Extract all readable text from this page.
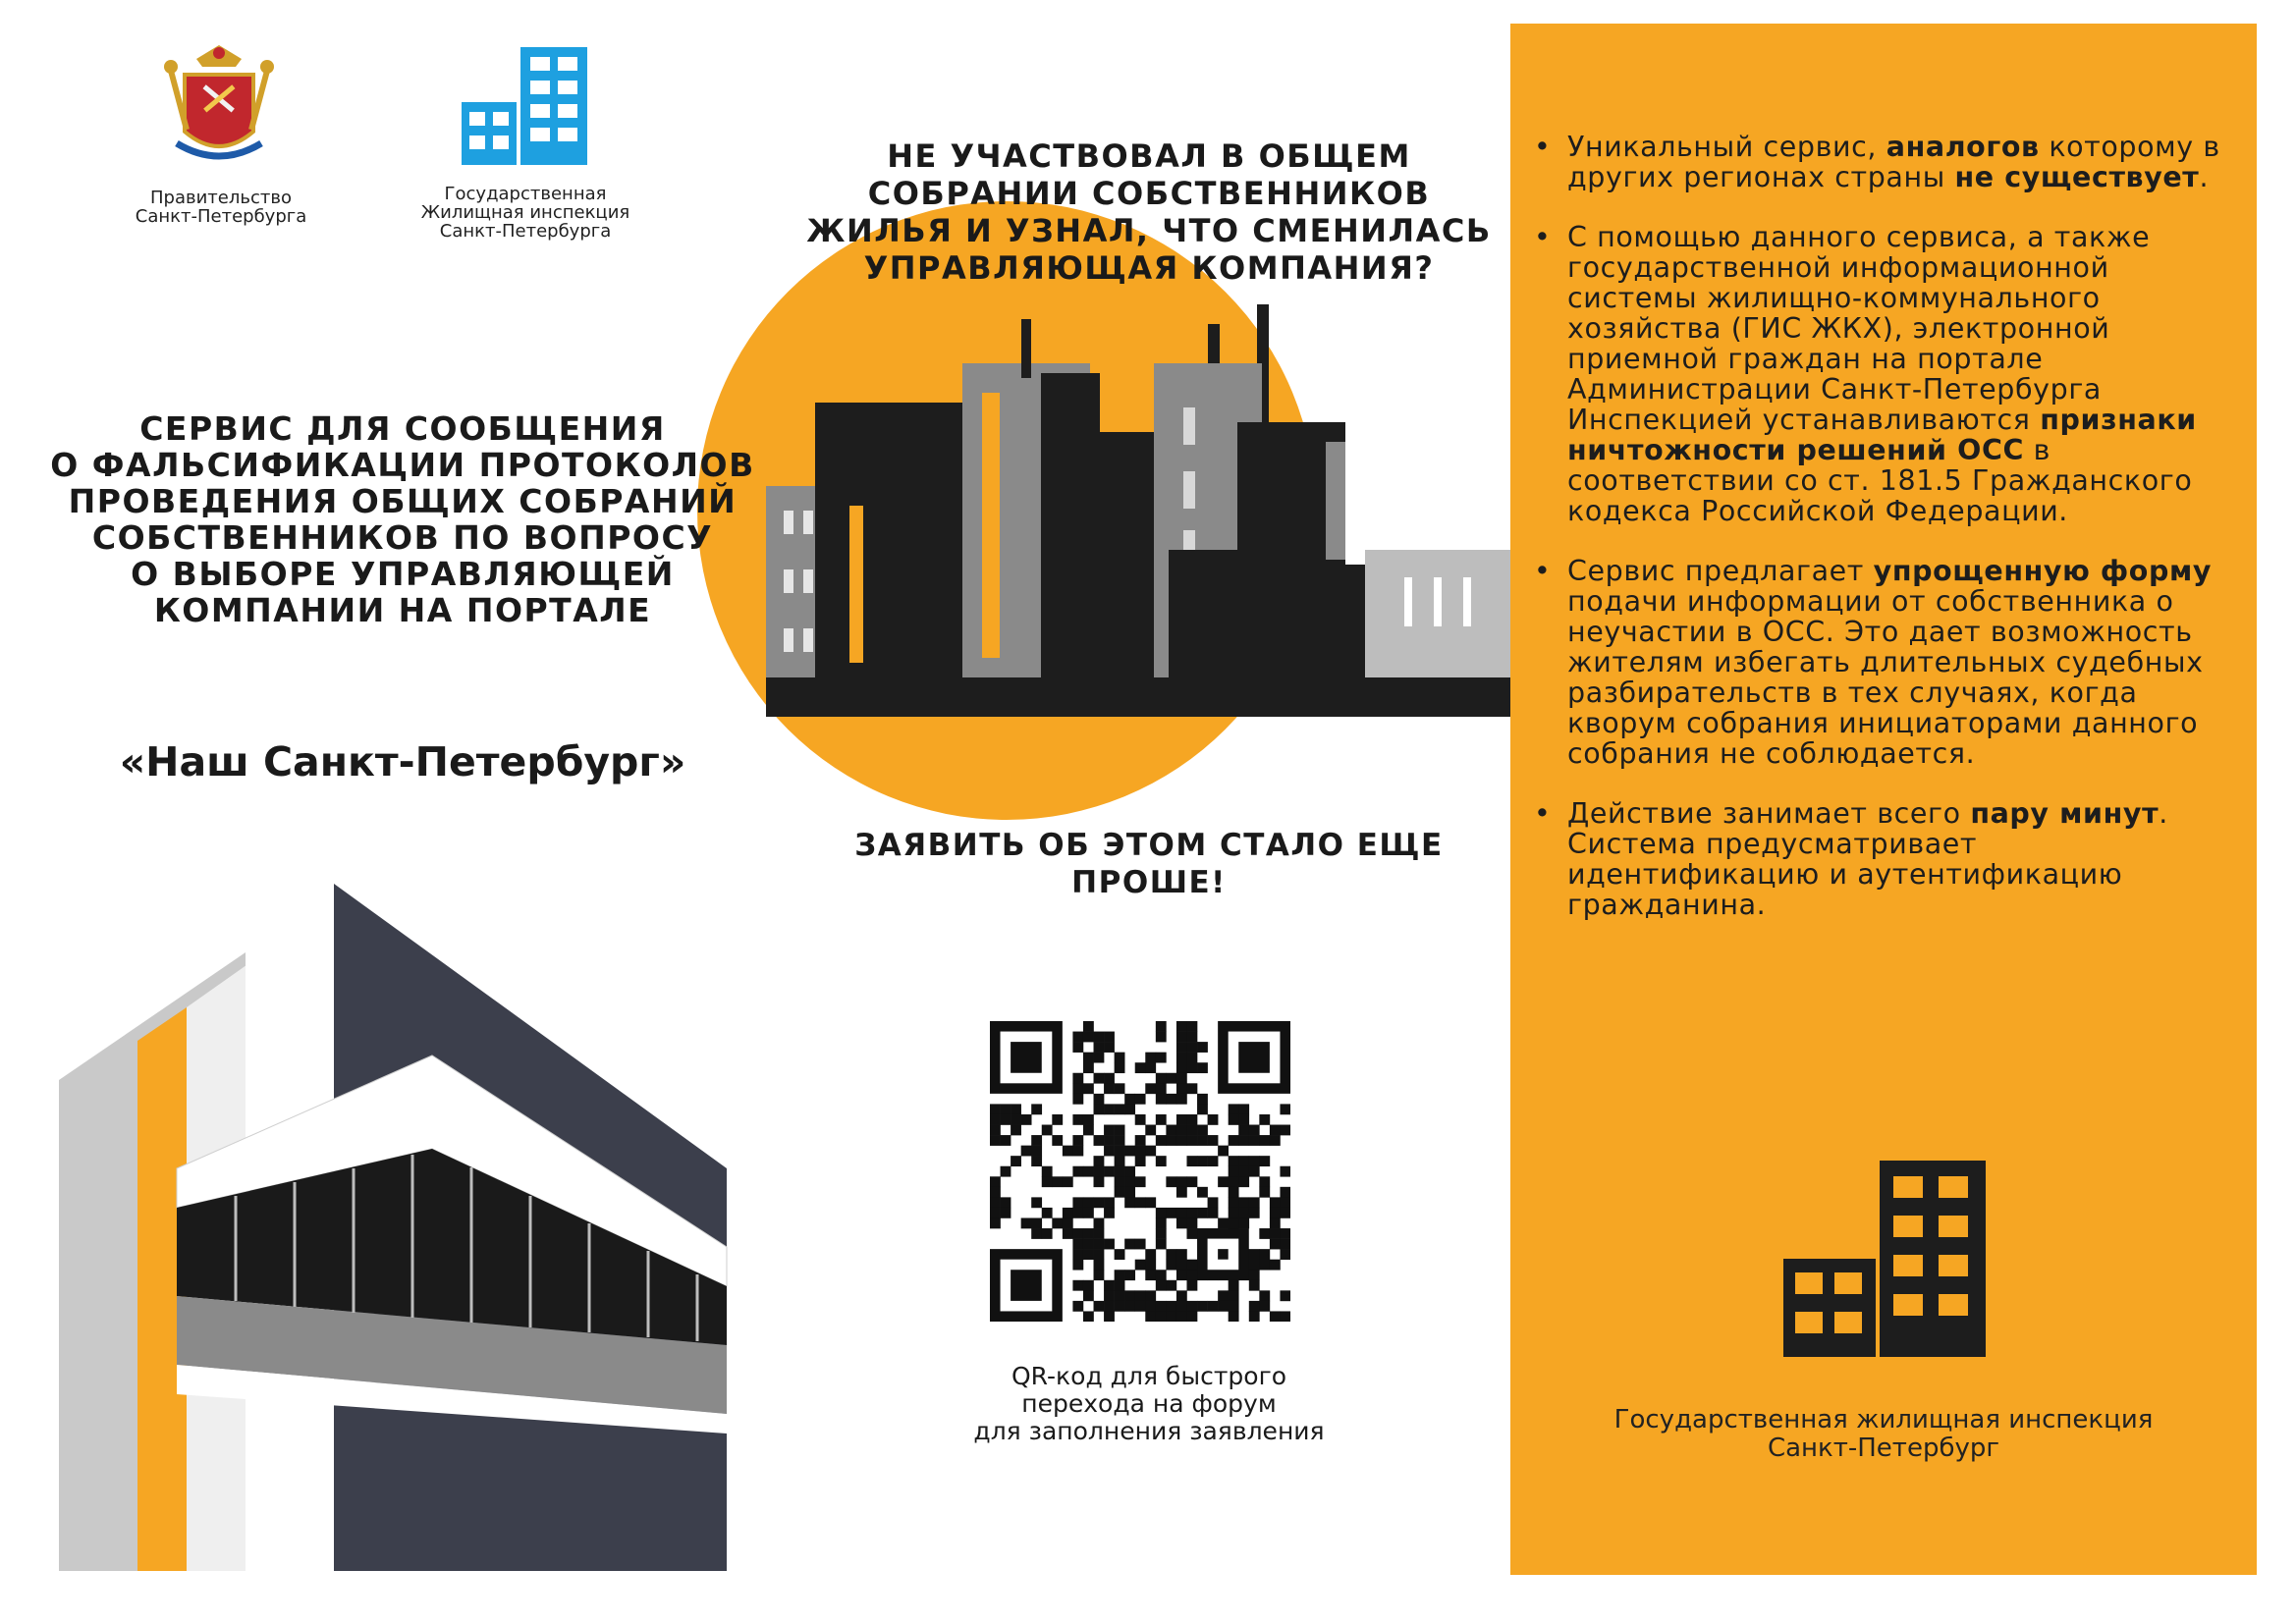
Правительство
Санкт-Петербурга
Государственная
Жилищная инспекция
Санкт-Петербурга
НЕ УЧАСТВОВАЛ В ОБЩЕМ
СОБРАНИИ СОБСТВЕННИКОВ
ЖИЛЬЯ И УЗНАЛ, ЧТО СМЕНИЛАСЬ
УПРАВЛЯЮЩАЯ КОМПАНИЯ?
СЕРВИС ДЛЯ СООБЩЕНИЯ
О ФАЛЬСИФИКАЦИИ ПРОТОКОЛОВ
ПРОВЕДЕНИЯ ОБЩИХ СОБРАНИЙ
СОБСТВЕННИКОВ ПО ВОПРОСУ
О ВЫБОРЕ УПРАВЛЯЮЩЕЙ
КОМПАНИИ НА ПОРТАЛЕ
«Наш Санкт-Петербург»
ЗАЯВИТЬ ОБ ЭТОМ СТАЛО ЕЩЕ
ПРОШЕ!
QR-код для быстрого
перехода на форум
для заполнения заявления
• Уникальный сервис, аналогов которому в других регионах страны не существует.
• С помощью данного сервиса, а также государственной информационной системы жилищно-коммунального хозяйства (ГИС ЖКХ), электронной приемной граждан на портале Администрации Санкт-Петербурга Инспекцией устанавливаются признаки ничтожности решений ОСС в соответствии со ст. 181.5 Гражданского кодекса Российской Федерации.
• Сервис предлагает упрощенную форму подачи информации от собственника о неучастии в ОСС. Это дает возможность жителям избегать длительных судебных разбирательств в тех случаях, когда кворум собрания инициаторами данного собрания не соблюдается.
• Действие занимает всего пару минут. Система предусматривает идентификацию и аутентификацию гражданина.
Государственная жилищная инспекция
Санкт-Петербург
